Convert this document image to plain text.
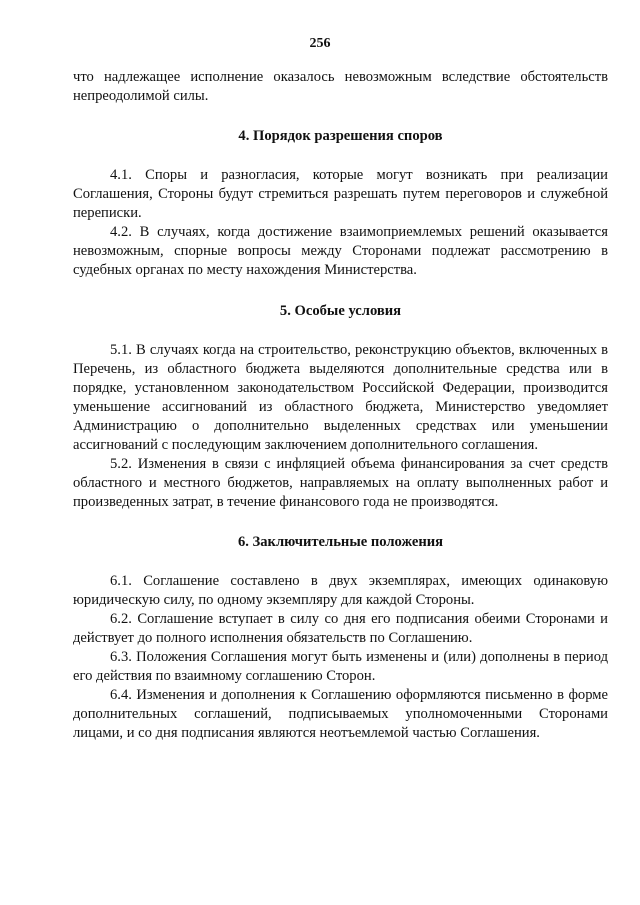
256

что надлежащее исполнение оказалось невозможным вследствие обстоятельств непреодолимой силы.

4. Порядок разрешения споров

4.1. Споры и разногласия, которые могут возникать при реализации Соглашения, Стороны будут стремиться разрешать путем переговоров и служебной переписки.

4.2. В случаях, когда достижение взаимоприемлемых решений оказывается невозможным, спорные вопросы между Сторонами подлежат рассмотрению в судебных органах по месту нахождения Министерства.

5. Особые условия

5.1. В случаях когда на строительство, реконструкцию объектов, включенных в Перечень, из областного бюджета выделяются дополнительные средства или в порядке, установленном законодательством Российской Федерации, производится уменьшение ассигнований из областного бюджета, Министерство уведомляет Администрацию о дополнительно выделенных средствах или уменьшении ассигнований с последующим заключением дополнительного соглашения.

5.2. Изменения в связи с инфляцией объема финансирования за счет средств областного и местного бюджетов, направляемых на оплату выполненных работ и произведенных затрат, в течение финансового года не производятся.

6. Заключительные положения

6.1. Соглашение составлено в двух экземплярах, имеющих одинаковую юридическую силу, по одному экземпляру для каждой Стороны.

6.2. Соглашение вступает в силу со дня его подписания обеими Сторонами и действует до полного исполнения обязательств по Соглашению.

6.3. Положения Соглашения могут быть изменены и (или) дополнены в период его действия по взаимному соглашению Сторон.

6.4. Изменения и дополнения к Соглашению оформляются письменно в форме дополнительных соглашений, подписываемых уполномоченными Сторонами лицами, и со дня подписания являются неотъемлемой частью Соглашения.
